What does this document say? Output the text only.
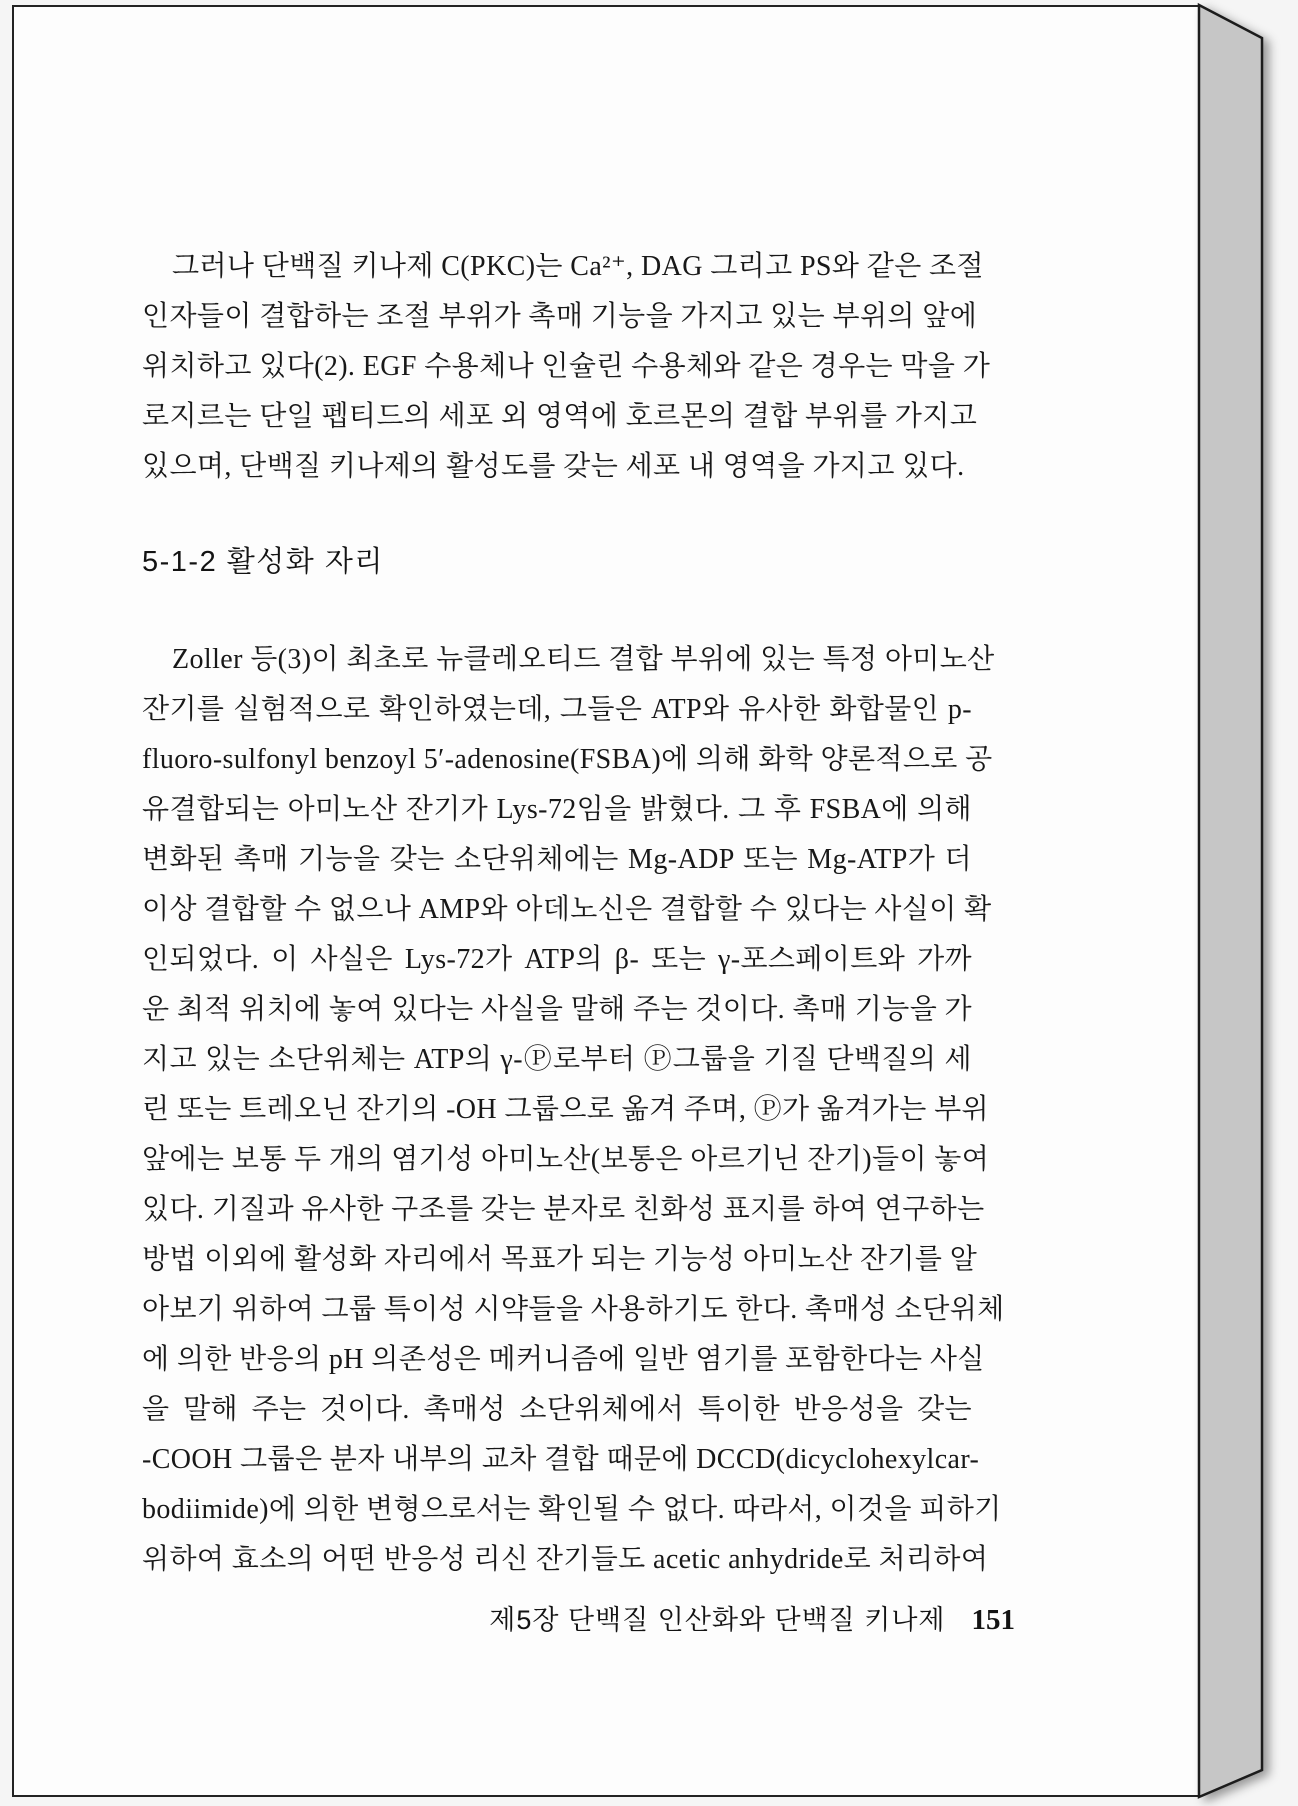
그러나 단백질 키나제 C(PKC)는 Ca²⁺, DAG 그리고 PS와 같은 조절
인자들이 결합하는 조절 부위가 촉매 기능을 가지고 있는 부위의 앞에
위치하고 있다(2). EGF 수용체나 인슐린 수용체와 같은 경우는 막을 가
로지르는 단일 펩티드의 세포 외 영역에 호르몬의 결합 부위를 가지고
있으며, 단백질 키나제의 활성도를 갖는 세포 내 영역을 가지고 있다.
5-1-2 활성화 자리
Zoller 등(3)이 최초로 뉴클레오티드 결합 부위에 있는 특정 아미노산
잔기를 실험적으로 확인하였는데, 그들은 ATP와 유사한 화합물인 p-
fluoro-sulfonyl benzoyl 5′-adenosine(FSBA)에 의해 화학 양론적으로 공
유결합되는 아미노산 잔기가 Lys-72임을 밝혔다. 그 후 FSBA에 의해
변화된 촉매 기능을 갖는 소단위체에는 Mg-ADP 또는 Mg-ATP가 더
이상 결합할 수 없으나 AMP와 아데노신은 결합할 수 있다는 사실이 확
인되었다. 이 사실은 Lys-72가 ATP의 β- 또는 γ-포스페이트와 가까
운 최적 위치에 놓여 있다는 사실을 말해 주는 것이다. 촉매 기능을 가
지고 있는 소단위체는 ATP의 γ-Ⓟ로부터 Ⓟ그룹을 기질 단백질의 세
린 또는 트레오닌 잔기의 -OH 그룹으로 옮겨 주며, Ⓟ가 옮겨가는 부위
앞에는 보통 두 개의 염기성 아미노산(보통은 아르기닌 잔기)들이 놓여
있다. 기질과 유사한 구조를 갖는 분자로 친화성 표지를 하여 연구하는
방법 이외에 활성화 자리에서 목표가 되는 기능성 아미노산 잔기를 알
아보기 위하여 그룹 특이성 시약들을 사용하기도 한다. 촉매성 소단위체
에 의한 반응의 pH 의존성은 메커니즘에 일반 염기를 포함한다는 사실
을 말해 주는 것이다. 촉매성 소단위체에서 특이한 반응성을 갖는
-COOH 그룹은 분자 내부의 교차 결합 때문에 DCCD(dicyclohexylcar-
bodiimide)에 의한 변형으로서는 확인될 수 없다. 따라서, 이것을 피하기
위하여 효소의 어떤 반응성 리신 잔기들도 acetic anhydride로 처리하여
제5장 단백질 인산화와 단백질 키나제 151
